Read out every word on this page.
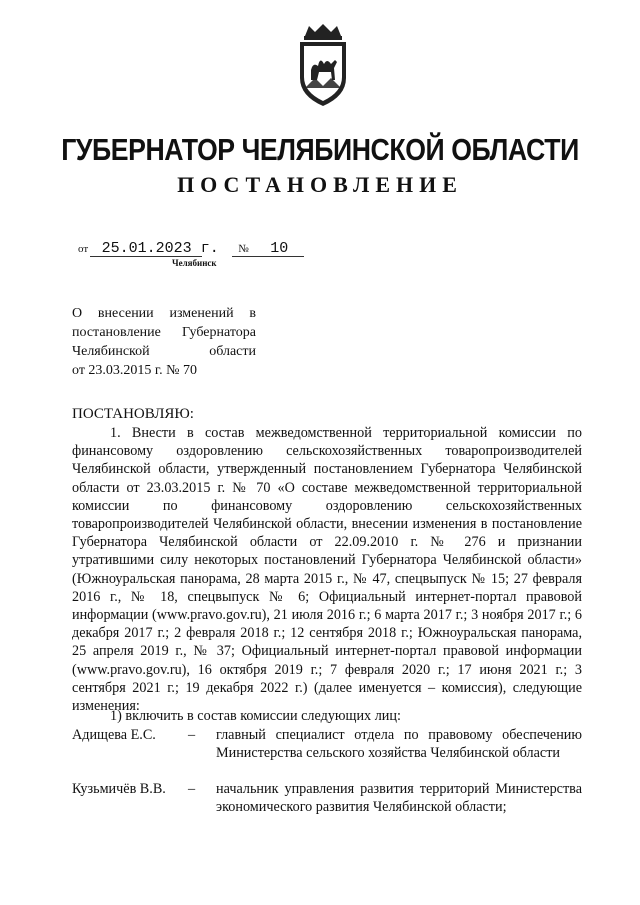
ГУБЕРНАТОР ЧЕЛЯБИНСКОЙ ОБЛАСТИ
ПОСТАНОВЛЕНИЕ
от 25.01.2023 г. № 10
Челябинск
О внесении изменений в
постановление Губернатора
Челябинской области
от 23.03.2015 г. № 70
ПОСТАНОВЛЯЮ:

1. Внести в состав межведомственной территориальной комиссии по финансовому оздоровлению сельскохозяйственных товаропроизводителей Челябинской области, утвержденный постановлением Губернатора Челябинской области от 23.03.2015 г. № 70 «О составе межведомственной территориальной комиссии по финансовому оздоровлению сельскохозяйственных товаропроизводителей Челябинской области, внесении изменения в постановление Губернатора Челябинской области от 22.09.2010 г. № 276 и признании утратившими силу некоторых постановлений Губернатора Челябинской области» (Южноуральская панорама, 28 марта 2015 г., № 47, спецвыпуск № 15; 27 февраля 2016 г., № 18, спецвыпуск № 6; Официальный интернет-портал правовой информации (www.pravo.gov.ru), 21 июля 2016 г.; 6 марта 2017 г.; 3 ноября 2017 г.; 6 декабря 2017 г.; 2 февраля 2018 г.; 12 сентября 2018 г.; Южноуральская панорама, 25 апреля 2019 г., № 37; Официальный интернет-портал правовой информации (www.pravo.gov.ru), 16 октября 2019 г.; 7 февраля 2020 г.; 17 июня 2021 г.; 3 сентября 2021 г.; 19 декабря 2022 г.) (далее именуется – комиссия), следующие изменения:

1) включить в состав комиссии следующих лиц:
Адищева Е.С. – главный специалист отдела по правовому обеспечению Министерства сельского хозяйства Челябинской области
Кузьмичёв В.В. – начальник управления развития территорий Министерства экономического развития Челябинской области;
